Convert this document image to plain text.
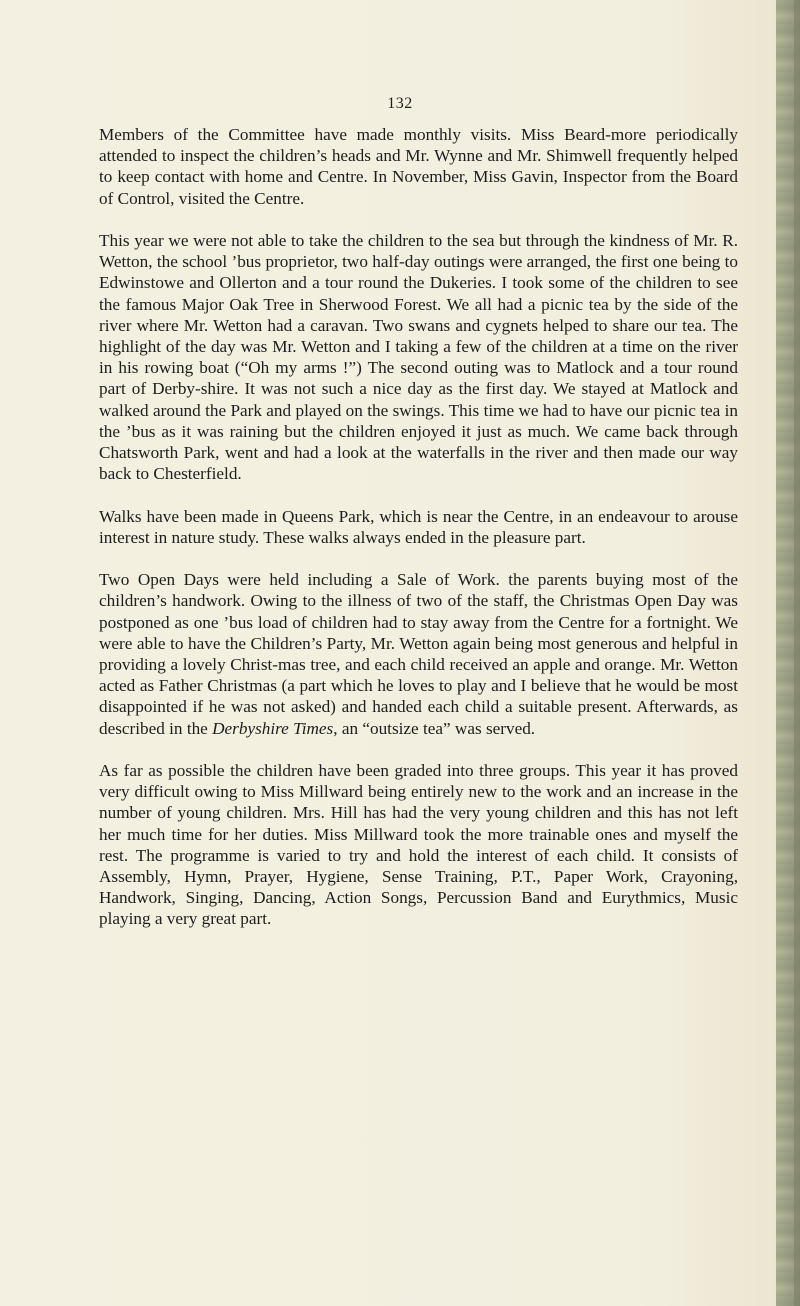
132

Members of the Committee have made monthly visits. Miss Beard-more periodically attended to inspect the children’s heads and Mr. Wynne and Mr. Shimwell frequently helped to keep contact with home and Centre. In November, Miss Gavin, Inspector from the Board of Control, visited the Centre.

This year we were not able to take the children to the sea but through the kindness of Mr. R. Wetton, the school ’bus proprietor, two half-day outings were arranged, the first one being to Edwinstowe and Ollerton and a tour round the Dukeries. I took some of the children to see the famous Major Oak Tree in Sherwood Forest. We all had a picnic tea by the side of the river where Mr. Wetton had a caravan. Two swans and cygnets helped to share our tea. The highlight of the day was Mr. Wetton and I taking a few of the children at a time on the river in his rowing boat (“Oh my arms !”) The second outing was to Matlock and a tour round part of Derby-shire. It was not such a nice day as the first day. We stayed at Matlock and walked around the Park and played on the swings. This time we had to have our picnic tea in the ’bus as it was raining but the children enjoyed it just as much. We came back through Chatsworth Park, went and had a look at the waterfalls in the river and then made our way back to Chesterfield.

Walks have been made in Queens Park, which is near the Centre, in an endeavour to arouse interest in nature study. These walks always ended in the pleasure part.

Two Open Days were held including a Sale of Work. the parents buying most of the children’s handwork. Owing to the illness of two of the staff, the Christmas Open Day was postponed as one ’bus load of children had to stay away from the Centre for a fortnight. We were able to have the Children’s Party, Mr. Wetton again being most generous and helpful in providing a lovely Christ-mas tree, and each child received an apple and orange. Mr. Wetton acted as Father Christmas (a part which he loves to play and I believe that he would be most disappointed if he was not asked) and handed each child a suitable present. Afterwards, as described in the Derbyshire Times, an “outsize tea” was served.

As far as possible the children have been graded into three groups. This year it has proved very difficult owing to Miss Millward being entirely new to the work and an increase in the number of young children. Mrs. Hill has had the very young children and this has not left her much time for her duties. Miss Millward took the more trainable ones and myself the rest. The programme is varied to try and hold the interest of each child. It consists of Assembly, Hymn, Prayer, Hygiene, Sense Training, P.T., Paper Work, Crayoning, Handwork, Singing, Dancing, Action Songs, Percussion Band and Eurythmics, Music playing a very great part.
